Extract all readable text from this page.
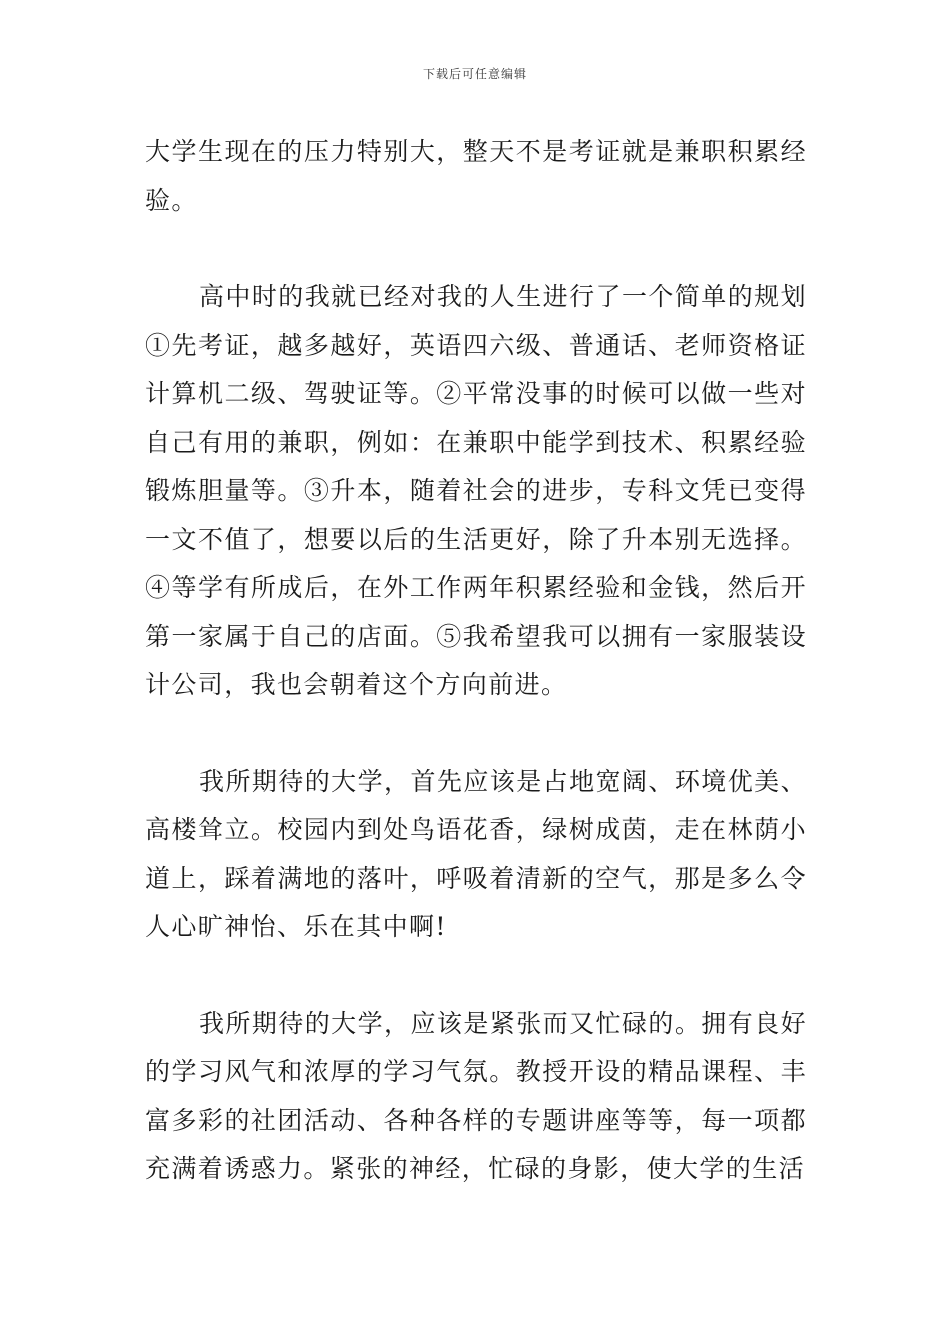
下载后可任意编辑

大学生现在的压力特别大，整天不是考证就是兼职积累经验。

高中时的我就已经对我的人生进行了一个简单的规划①先考证，越多越好，英语四六级、普通话、老师资格证计算机二级、驾驶证等。②平常没事的时候可以做一些对自己有用的兼职，例如：在兼职中能学到技术、积累经验锻炼胆量等。③升本，随着社会的进步，专科文凭已变得一文不值了，想要以后的生活更好，除了升本别无选择。④等学有所成后，在外工作两年积累经验和金钱，然后开第一家属于自己的店面。⑤我希望我可以拥有一家服装设计公司，我也会朝着这个方向前进。

我所期待的大学，首先应该是占地宽阔、环境优美、高楼耸立。校园内到处鸟语花香，绿树成茵，走在林荫小道上，踩着满地的落叶，呼吸着清新的空气，那是多么令人心旷神怡、乐在其中啊!

我所期待的大学，应该是紧张而又忙碌的。拥有良好的学习风气和浓厚的学习气氛。教授开设的精品课程、丰富多彩的社团活动、各种各样的专题讲座等等，每一项都充满着诱惑力。紧张的神经，忙碌的身影，使大学的生活
